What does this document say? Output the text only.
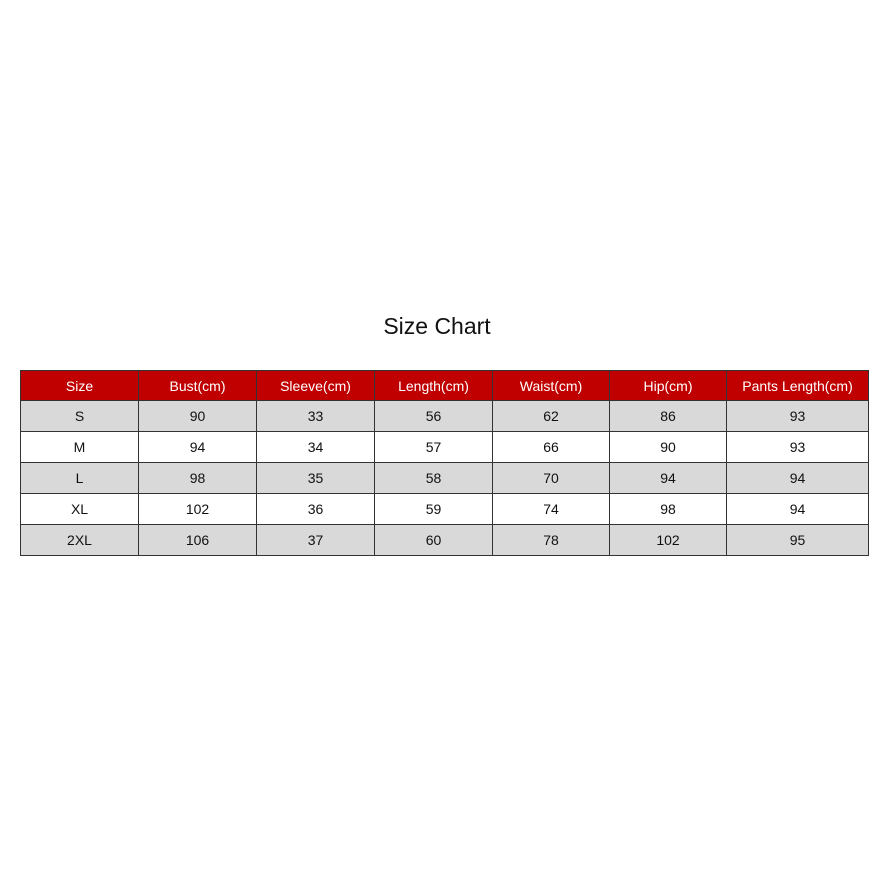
Size Chart
Size	Bust(cm)	Sleeve(cm)	Length(cm)	Waist(cm)	Hip(cm)	Pants Length(cm)
S	90	33	56	62	86	93
M	94	34	57	66	90	93
L	98	35	58	70	94	94
XL	102	36	59	74	98	94
2XL	106	37	60	78	102	95
